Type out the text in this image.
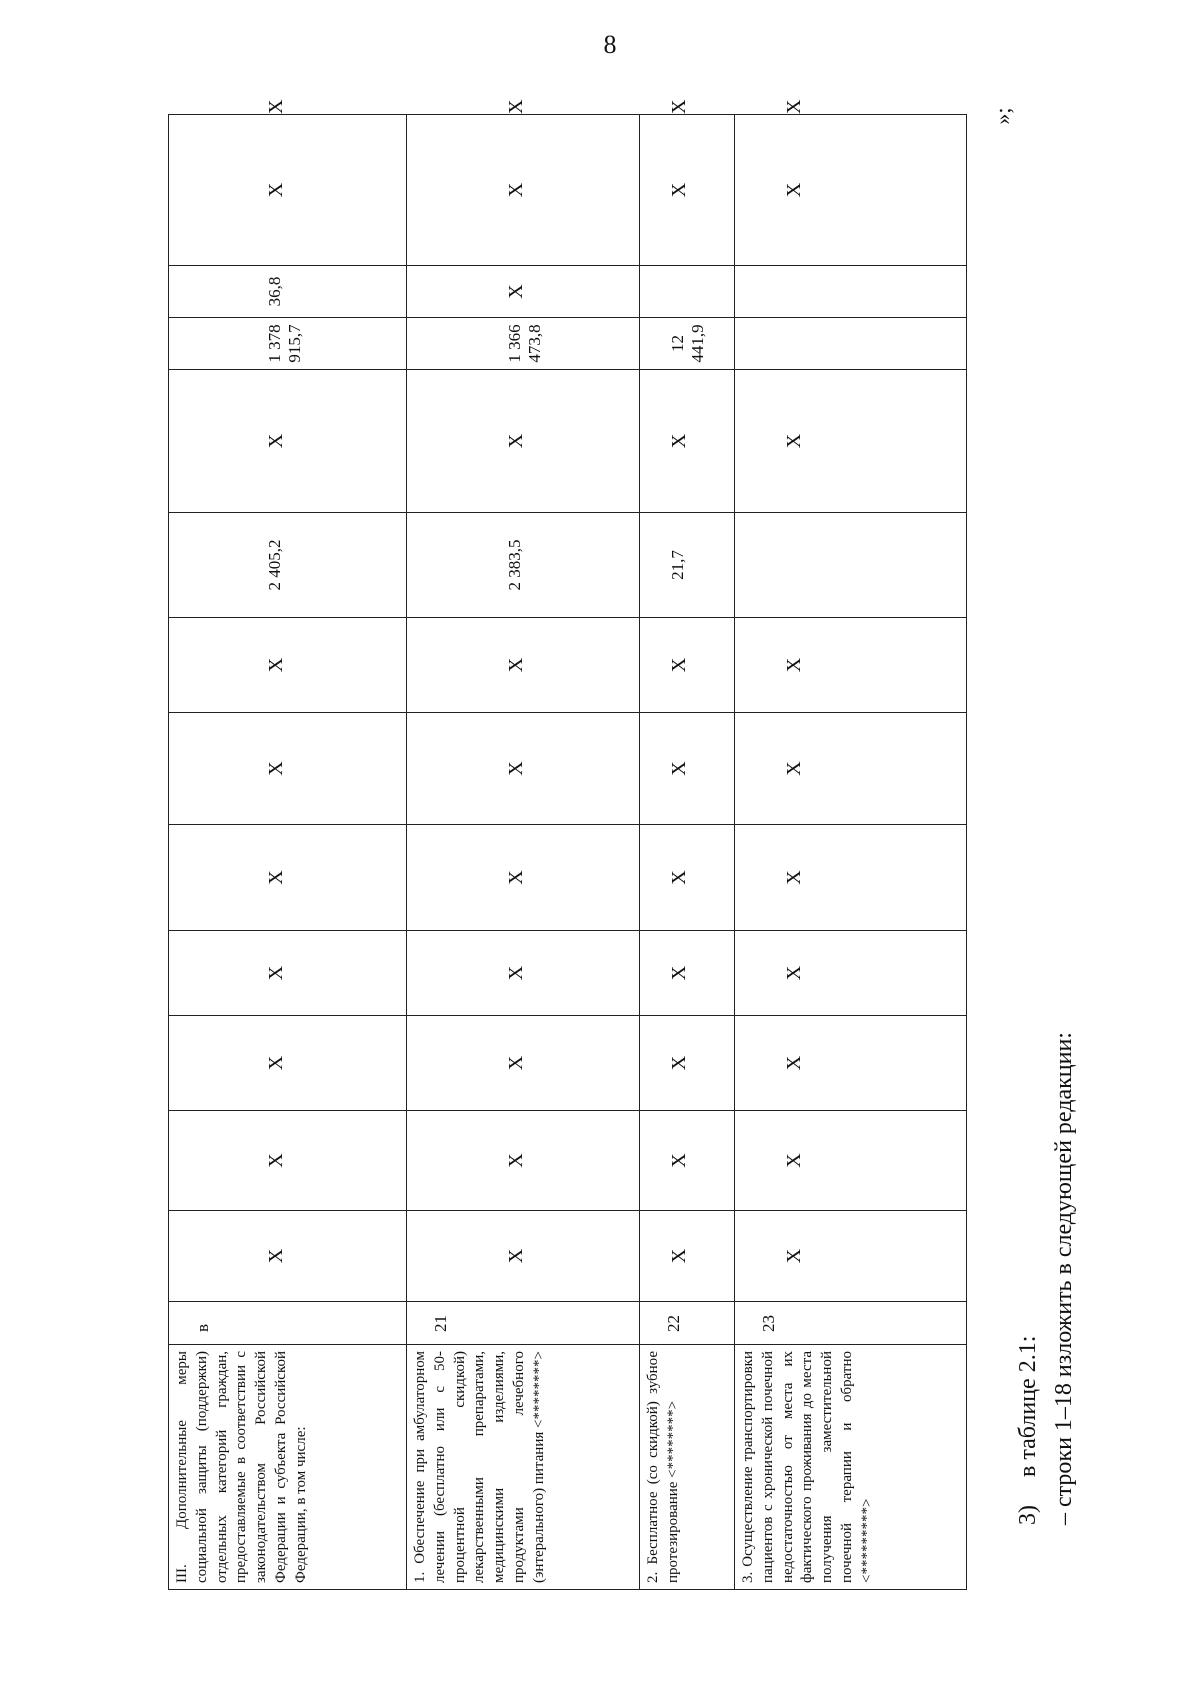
8
III. Дополнительные меры социальной защиты (поддержки) отдельных категорий граждан, предоставляемые в соответствии с законодательством Российской Федерации и субъекта Российской Федерации, в том числе:	в	X	X	X	X	X	X	X	2 405,2	X	1 378 915,7	36,8	X	X
1. Обеспечение при амбулаторном лечении (бесплатно или с 50-процентной скидкой) лекарственными препаратами, медицинскими изделиями, продуктами лечебного (энтерального) питания <********>	21	X	X	X	X	X	X	X	2 383,5	X	1 366 473,8	X	X	X
2. Бесплатное (со скидкой) зубное протезирование <********>	22	X	X	X	X	X	X	X	21,7	X	12 441,9		X	X
3. Осуществление транспортировки пациентов с хронической почечной недостаточностью от места их фактического проживания до места получения заместительной почечной терапии и обратно <*********>	23	X	X	X	X	X	X	X		X			X	X
»;
3)в таблице 2.1: – строки 1–18 изложить в следующей редакции:
